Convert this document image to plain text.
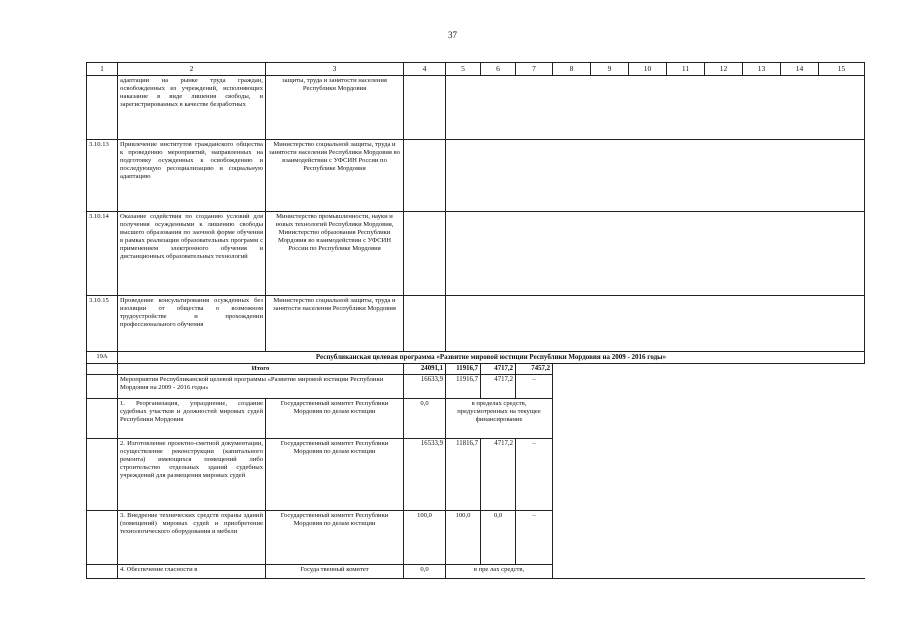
37
1	2	3	4	5	6	7	8	9	10	11	12	13	14	15
	адаптации на рынке труда граждан, освобожденных из учреждений, исполняющих наказание в виде лишения свободы, и зарегистрированных в качестве безработных	защиты, труда и занятости населения Республики Мордовия												
3.10.13	Привлечение институтов гражданского общества к проведению мероприятий, направленных на подготовку осужденных к освобождению и последующую ресоциализацию и социальную адаптацию	Министерство социальной защиты, труда и занятости населения Республики Мордовия во взаимодействии с УФСИН России по Республике Мордовия												
3.10.14	Оказание содействия по созданию условий для получения осужденными к лишению свободы высшего образования по заочной форме обучения в рамках реализации образовательных программ с применением электронного обучения и дистанционных образовательных технологий	Министерство промышленности, науки и новых технологий Республики Мордовия, Министерство образования Республики Мордовия во взаимодействии с УФСИН России по Республике Мордовия												
3.10.15	Проведение консультирования осужденных без изоляции от общества о возможном трудоустройстве и прохождении профессионального обучения	Министерство социальной защиты, труда и занятости населения Республики Мордовия												
19А	Республиканская целевая программа «Развитие мировой юстиции Республики Мордовия на 2009 - 2016 годы»													
	Итого		24091,1	11916,7	4717,2	7457,2								
	Мероприятия Республиканской целевой программы «Развитие мировой юстиции Республики Мордовия на 2009 - 2016 годы»		16633,9	11916,7	4717,2	–								
	1. Реорганизация, упразднение, создание судебных участков и должностей мировых судей Республики Мордовия	Государственный комитет Республики Мордовия по делам юстиции	0,0	в пределах средств, предусмотренных на текущее финансирование										
	2. Изготовление проектно-сметной документации, осуществление реконструкции (капитального ремонта) имеющихся помещений либо строительство отдельных зданий судебных учреждений для размещения мировых судей	Государственный комитет Республики Мордовия по делам юстиции	16533,9	11816,7	4717,2	–								
	3. Внедрение технических средств охраны зданий (помещений) мировых судей и приобретение технологического оборудования и мебели	Государственный комитет Республики Мордовия по делам юстиции	100,0	100,0	0,0	–								
	4. Обеспечение гласности в	Госуда твенный комитет	0,0	в пре лах средств,										
